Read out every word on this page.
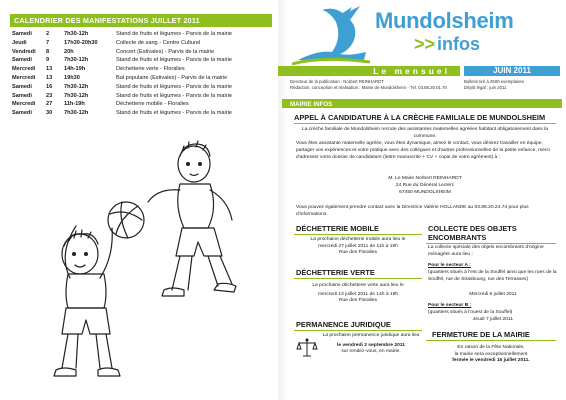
CALENDRIER DES MANIFESTATIONS JUILLET 2011
Samedi	2	7h30-12h	Stand de fruits et légumes - Parvis de la mairie
Jeudi	7	17h30-20h30	Collecte de sang - Centre Culturel
Vendredi	8	20h	Concert (Estivales) - Parvis de la mairie
Samedi	9	7h30-12h	Stand de fruits et légumes - Parvis de la mairie
Mercredi	13	14h-19h	Déchetterie verte - Floralies
Mercredi	13	19h30	Bal populaire (Estivales) - Parvis de la mairie
Samedi	16	7h30-12h	Stand de fruits et légumes - Parvis de la mairie
Samedi	23	7h30-12h	Stand de fruits et légumes - Parvis de la mairie
Mercredi	27	11h-19h	Déchetterie mobile - Floralies
Samedi	30	7h30-12h	Stand de fruits et légumes - Parvis de la mairie
Mundolsheim
>> infos
Le mensuel	JUIN 2011
Directeur de la publication : Norbert REINHARDT
Rédaction, conception et réalisation : Mairie de Mundolsheim - Tél. 03.88.20.01.70
Bulletin tiré à 2500 exemplaires
Dépôt légal : juin 2011
MAIRIE INFOS
APPEL À CANDIDATURE À LA CRÈCHE FAMILIALE DE MUNDOLSHEIM
La crèche familiale de Mundolsheim recrute des assistantes maternelles agréées habitant obligatoirement dans la commune.
Vous êtes assistante maternelle agréée, vous êtes dynamique, aimez le contact, vous désirez travailler en équipe, partager vos expériences et votre pratique avec des collègues et d'autres professionnelles de la petite enfance, merci d'adresser votre dossier de candidature (lettre manuscrite + CV + copie de votre agrément) à :
M. Le Maire Norbert REINHARDT
24 Rue du Général Leclerc
67450 MUNDOLSHEIM
Vous pouvez également prendre contact avec la Directrice Valérie HOLLANDE au 03.88.20.24.74 pour plus d'informations.
DÉCHETTERIE MOBILE
La prochaine déchetterie mobile aura lieu le
mercredi 27 juillet 2011 de 11h à 19h
Rue des Floralies
DÉCHETTERIE VERTE
La prochaine déchetterie verte aura lieu le
mercredi 13 juillet 2011 de 14h à 19h
Rue des Floralies
PERMANENCE JURIDIQUE
La prochaine permanence juridique aura lieu
le vendredi 2 septembre 2011
sur rendez-vous, en mairie.
COLLECTE DES OBJETS
ENCOMBRANTS
La collecte spéciale des objets encombrants d'origine ménagère aura lieu :
Pour le secteur A :
(quartiers situés à l'est de la Souffel ainsi que les rues de la Souffel, rue de Strasbourg, rue des Terrasses)
Mercredi 6 juillet 2011
Pour le secteur B :
(quartiers situés à l'ouest de la Souffel)
Jeudi 7 juillet 2011
FERMETURE DE LA MAIRIE
En raison de la Fête Nationale,
la mairie sera exceptionnellement
fermée le vendredi 15 juillet 2011.
